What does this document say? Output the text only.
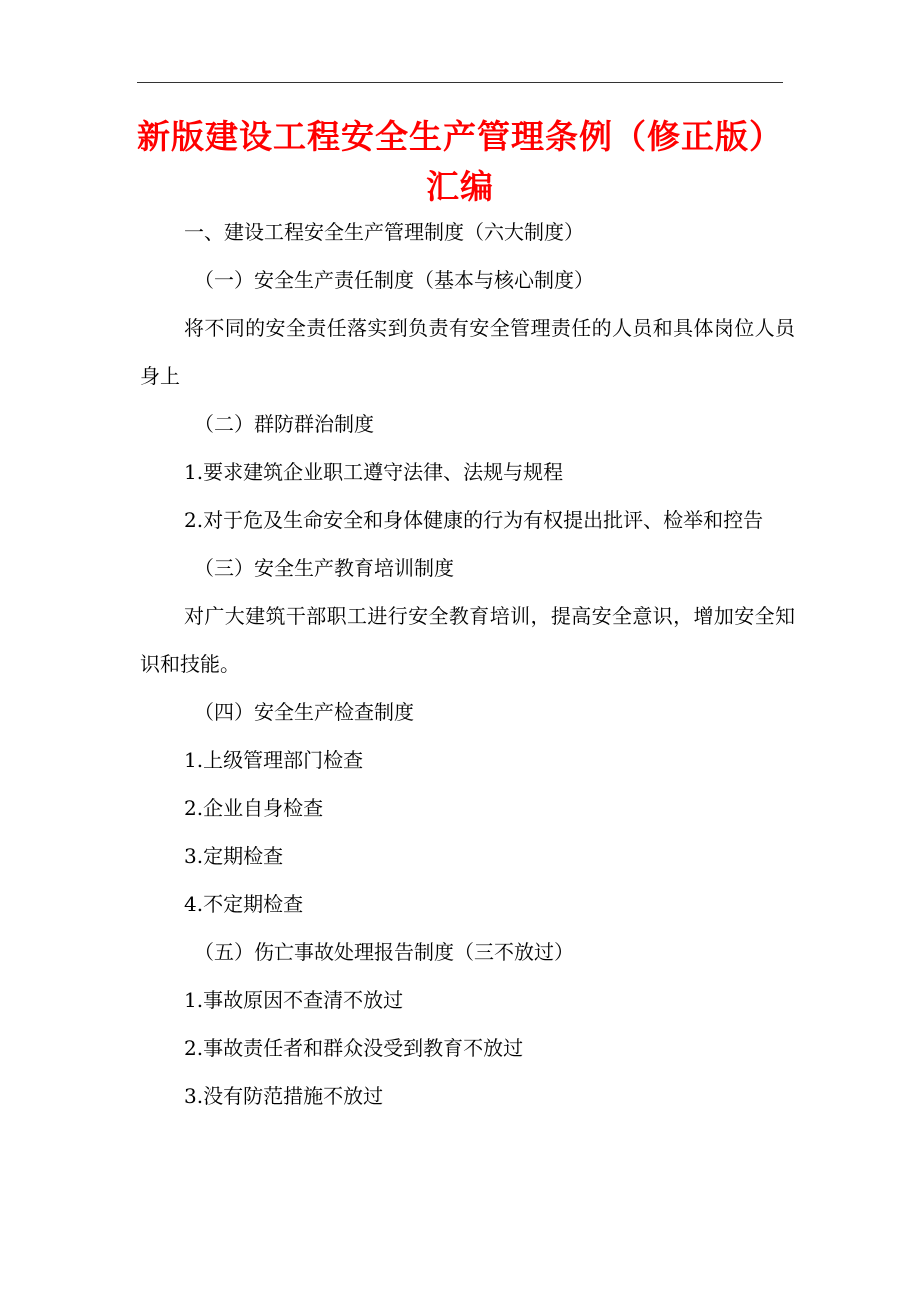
新版建设工程安全生产管理条例（修正版）汇编

一、建设工程安全生产管理制度（六大制度）

（一）安全生产责任制度（基本与核心制度）

将不同的安全责任落实到负责有安全管理责任的人员和具体岗位人员身上

（二）群防群治制度

1.要求建筑企业职工遵守法律、法规与规程

2.对于危及生命安全和身体健康的行为有权提出批评、检举和控告

（三）安全生产教育培训制度

对广大建筑干部职工进行安全教育培训，提高安全意识，增加安全知识和技能。

（四）安全生产检查制度

1.上级管理部门检查

2.企业自身检查

3.定期检查

4.不定期检查

（五）伤亡事故处理报告制度（三不放过）

1.事故原因不查清不放过

2.事故责任者和群众没受到教育不放过

3.没有防范措施不放过
